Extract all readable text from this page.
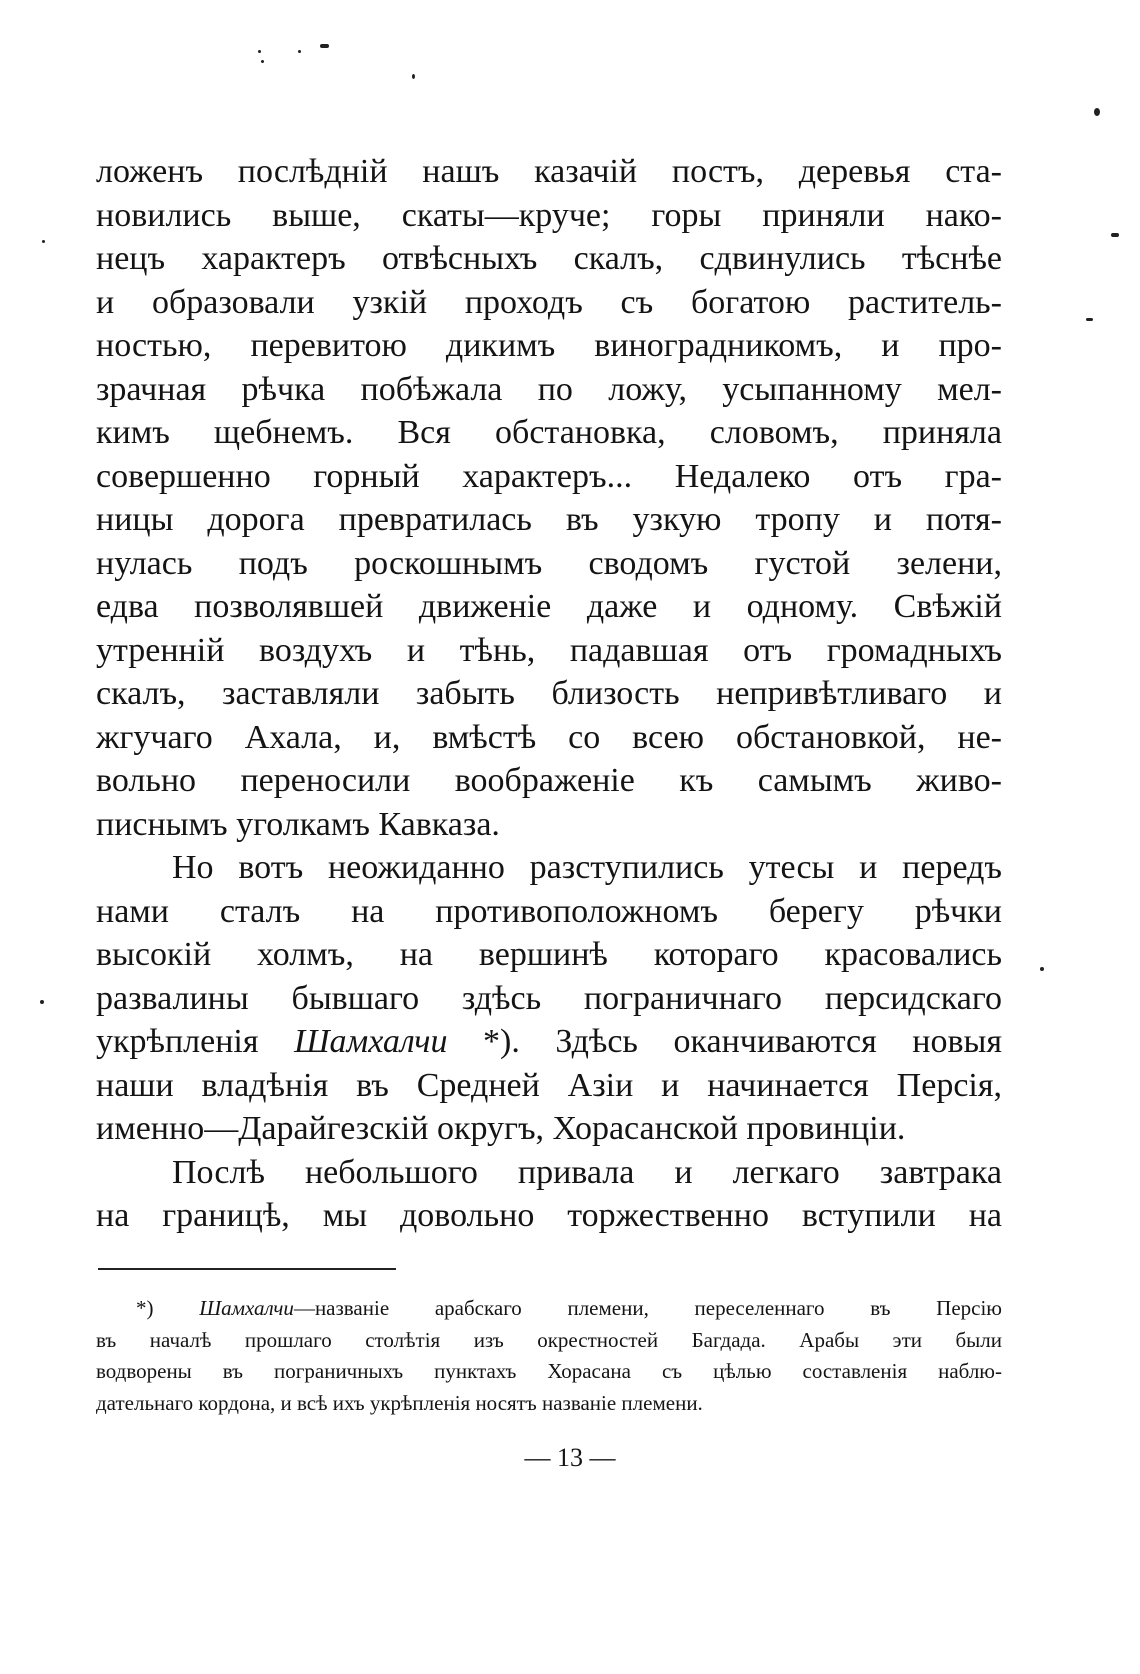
ложенъ послѣдній нашъ казачій постъ, деревья ста-
новились выше, скаты—круче; горы приняли нако-
нецъ характеръ отвѣсныхъ скалъ, сдвинулись тѣснѣе
и образовали узкій проходъ съ богатою раститель-
ностью, перевитою дикимъ виноградникомъ, и про-
зрачная рѣчка побѣжала по ложу, усыпанному мел-
кимъ щебнемъ. Вся обстановка, словомъ, приняла
совершенно горный характеръ... Недалеко отъ гра-
ницы дорога превратилась въ узкую тропу и потя-
нулась подъ роскошнымъ сводомъ густой зелени,
едва позволявшей движеніе даже и одному. Свѣжій
утренній воздухъ и тѣнь, падавшая отъ громадныхъ
скалъ, заставляли забыть близость непривѣтливаго и
жгучаго Ахала, и, вмѣстѣ со всею обстановкой, не-
вольно переносили воображеніе къ самымъ живо-
писнымъ уголкамъ Кавказа.
Но вотъ неожиданно разступились утесы и передъ
нами сталъ на противоположномъ берегу рѣчки
высокій холмъ, на вершинѣ котораго красовались
развалины бывшаго здѣсь пограничнаго персидскаго
укрѣпленія Шамхалчи *). Здѣсь оканчиваются новыя
наши владѣнія въ Средней Азіи и начинается Персія,
именно—Дарайгезскій округъ, Хорасанской провинціи.
Послѣ небольшого привала и легкаго завтрака
на границѣ, мы довольно торжественно вступили на
*) Шамхалчи—названіе арабскаго племени, переселеннаго въ Персію
въ началѣ прошлаго столѣтія изъ окрестностей Багдада. Арабы эти были
водворены въ пограничныхъ пунктахъ Хорасана съ цѣлью составленія наблю-
дательнаго кордона, и всѣ ихъ укрѣпленія носятъ названіе племени.
— 13 —
